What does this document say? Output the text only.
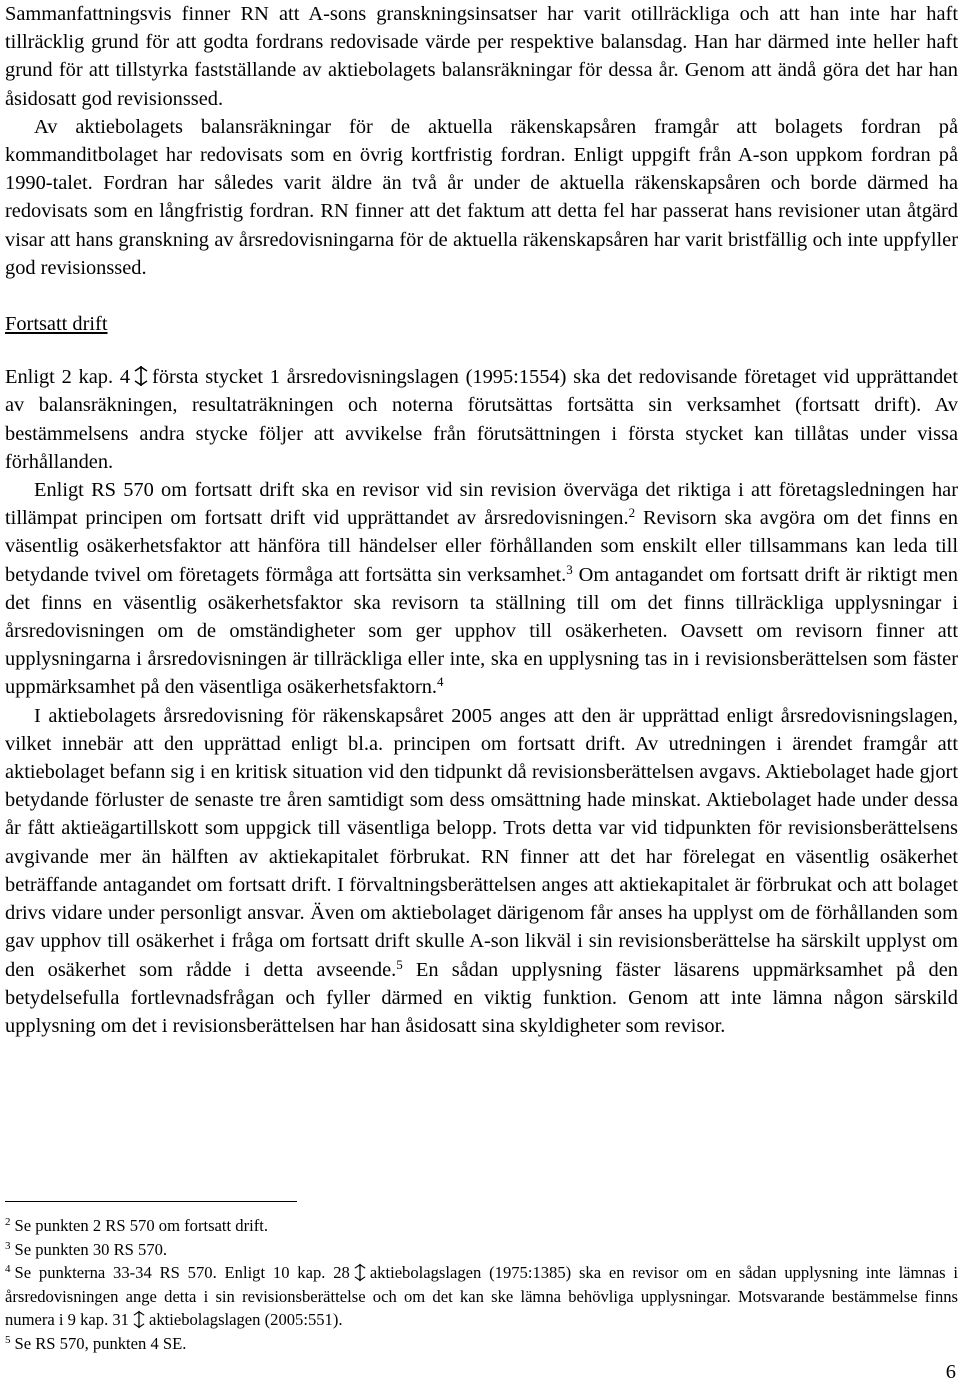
Sammanfattningsvis finner RN att A-sons granskningsinsatser har varit otillräckliga och att han inte har haft tillräcklig grund för att godta fordrans redovisade värde per respektive balansdag. Han har därmed inte heller haft grund för att tillstyrka fastställande av aktiebolagets balansräkningar för dessa år. Genom att ändå göra det har han åsidosatt god revisionssed.

Av aktiebolagets balansräkningar för de aktuella räkenskapsåren framgår att bolagets fordran på kommanditbolaget har redovisats som en övrig kortfristig fordran. Enligt uppgift från A-son uppkom fordran på 1990-talet. Fordran har således varit äldre än två år under de aktuella räkenskapsåren och borde därmed ha redovisats som en långfristig fordran. RN finner att det faktum att detta fel har passerat hans revisioner utan åtgärd visar att hans granskning av årsredovisningarna för de aktuella räkenskapsåren har varit bristfällig och inte uppfyller god revisionssed.

Fortsatt drift

Enligt 2 kap. 4 första stycket 1 årsredovisningslagen (1995:1554) ska det redovisande företaget vid upprättandet av balansräkningen, resultaträkningen och noterna förutsättas fortsätta sin verksamhet (fortsatt drift). Av bestämmelsens andra stycke följer att avvikelse från förutsättningen i första stycket kan tillåtas under vissa förhållanden.

Enligt RS 570 om fortsatt drift ska en revisor vid sin revision överväga det riktiga i att företagsledningen har tillämpat principen om fortsatt drift vid upprättandet av årsredovisningen.$^2$ Revisorn ska avgöra om det finns en väsentlig osäkerhetsfaktor att hänföra till händelser eller förhållanden som enskilt eller tillsammans kan leda till betydande tvivel om företagets förmåga att fortsätta sin verksamhet.$^3$ Om antagandet om fortsatt drift är riktigt men det finns en väsentlig osäkerhetsfaktor ska revisorn ta ställning till om det finns tillräckliga upplysningar i årsredovisningen om de omständigheter som ger upphov till osäkerheten. Oavsett om revisorn finner att upplysningarna i årsredovisningen är tillräckliga eller inte, ska en upplysning tas in i revisionsberättelsen som fäster uppmärksamhet på den väsentliga osäkerhetsfaktorn.$^4$

I aktiebolagets årsredovisning för räkenskapsåret 2005 anges att den är upprättad enligt årsredovisningslagen, vilket innebär att den upprättad enligt bl.a. principen om fortsatt drift. Av utredningen i ärendet framgår att aktiebolaget befann sig i en kritisk situation vid den tidpunkt då revisionsberättelsen avgavs. Aktiebolaget hade gjort betydande förluster de senaste tre åren samtidigt som dess omsättning hade minskat. Aktiebolaget hade under dessa år fått aktieägartillskott som uppgick till väsentliga belopp. Trots detta var vid tidpunkten för revisionsberättelsens avgivande mer än hälften av aktiekapitalet förbrukat. RN finner att det har förelegat en väsentlig osäkerhet beträffande antagandet om fortsatt drift. I förvaltningsberättelsen anges att aktiekapitalet är förbrukat och att bolaget drivs vidare under personligt ansvar. Även om aktiebolaget därigenom får anses ha upplyst om de förhållanden som gav upphov till osäkerhet i fråga om fortsatt drift skulle A-son likväl i sin revisionsberättelse ha särskilt upplyst om den osäkerhet som rådde i detta avseende.$^5$ En sådan upplysning fäster läsarens uppmärksamhet på den betydelsefulla fortlevnadsfrågan och fyller därmed en viktig funktion. Genom att inte lämna någon särskild upplysning om det i revisionsberättelsen har han åsidosatt sina skyldigheter som revisor.

$^2$ Se punkten 2 RS 570 om fortsatt drift.

$^3$ Se punkten 30 RS 570.

$^4$ Se punkterna 33-34 RS 570. Enligt 10 kap. 28 aktiebolagslagen (1975:1385) ska en revisor om en sådan upplysning inte lämnas i årsredovisningen ange detta i sin revisionsberättelse och om det kan ske lämna behövliga upplysningar. Motsvarande bestämmelse finns numera i 9 kap. 31 aktiebolagslagen (2005:551).

$^5$ Se RS 570, punkten 4 SE.

6
